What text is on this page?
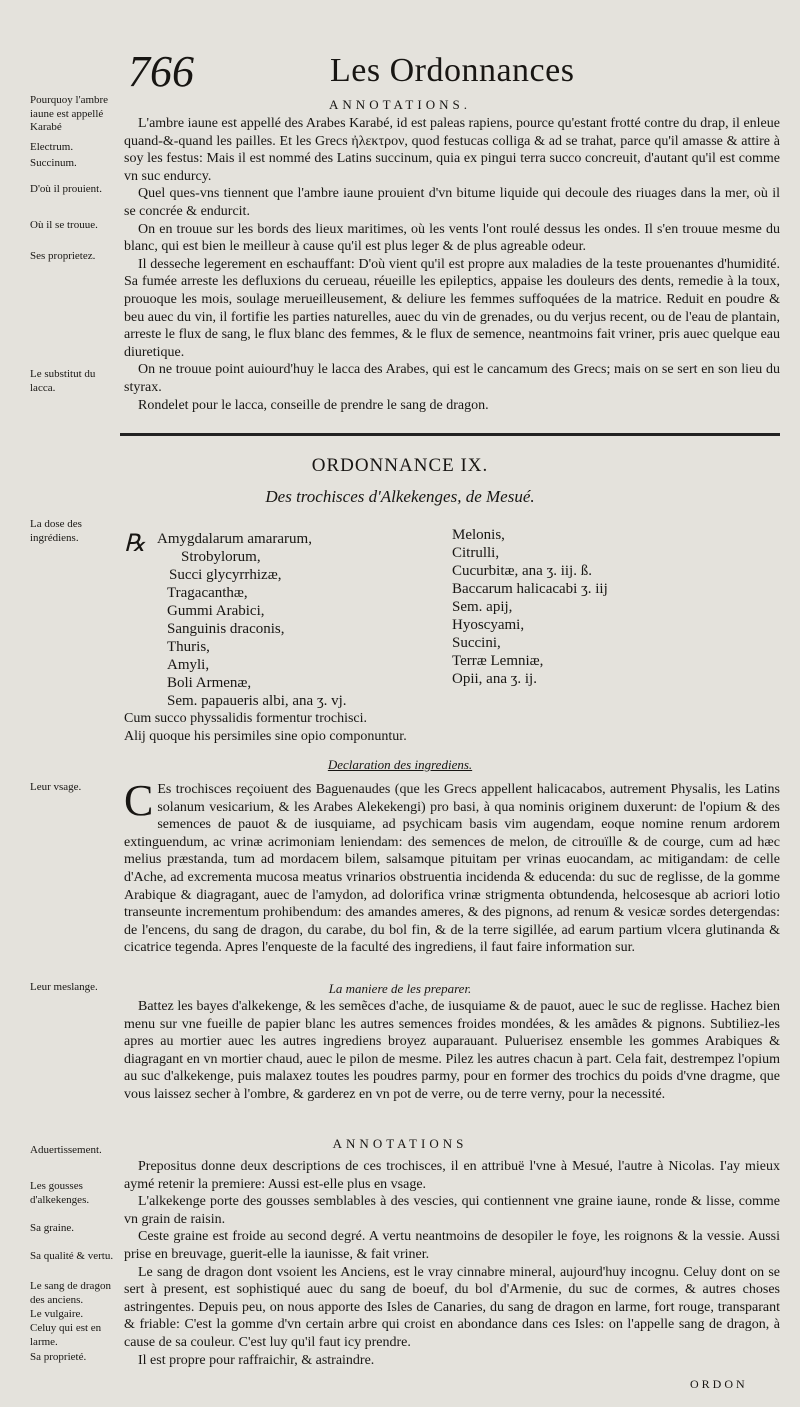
766	Les Ordonnances
ANNOTATIONS.
Pourquoy l'ambre iaune est appellé Karabé
Electrum.
Succinum.
D'où il prouient.
Où il se trouue.
Ses proprietez.
Le substitut du lacca.

L'ambre iaune est appellé des Arabes Karabé, id est paleas rapiens, pource qu'estant frotté contre du drap, il enleue quand-&-quand les pailles. Et les Grecs ἠλεκτρον, quod festucas colliga & ad se trahat, parce qu'il amasse & attire à soy les festus: Mais il est nommé des Latins succinum, quia ex pingui terra succo concreuit, d'autant qu'il est comme vn suc endurcy.

Quel ques-vns tiennent que l'ambre iaune prouient d'vn bitume liquide qui decoule des riuages dans la mer, où il se concrée & endurcit.

On en trouue sur les bords des lieux maritimes, où les vents l'ont roulé dessus les ondes. Il s'en trouue mesme du blanc, qui est bien le meilleur à cause qu'il est plus leger & de plus agreable odeur.

Il desseche legerement en eschauffant: D'où vient qu'il est propre aux maladies de la teste prouenantes d'humidité. Sa fumée arreste les defluxions du cerueau, réueille les epileptics, appaise les douleurs des dents, remedie à la toux, prouoque les mois, soulage merueilleusement, & deliure les femmes suffoquées de la matrice. Reduit en poudre & beu auec du vin, il fortifie les parties naturelles, auec du vin de grenades, ou du verjus recent, ou de l'eau de plantain, arreste le flux de sang, le flux blanc des femmes, & le flux de semence, neantmoins fait vriner, pris auec quelque eau diuretique.

On ne trouue point auiourd'huy le lacca des Arabes, qui est le cancamum des Grecs; mais on se sert en son lieu du styrax.

Rondelet pour le lacca, conseille de prendre le sang de dragon.

ORDONNANCE IX.
Des trochisces d'Alkekenges, de Mesué.
La dose des ingrédiens.	℞ Amygdalarum amararum,
Strobylorum,
Succi glycyrrhizæ,
Tragacanthæ,
Gummi Arabici,
Sanguinis draconis,
Thuris,
Amyli,
Boli Armenæ,
Sem. papaueris albi, ana ʒ. vj.
Melonis,
Citrulli,
Cucurbitæ, ana ʒ. iij. ß.
Baccarum halicacabi ʒ. iij
Sem. apij,
Hyoscyami,
Succini,
Terræ Lemniæ,
Opii, ana ʒ. ij.
Cum succo physsalidis formentur trochisci.
Alij quoque his persimiles sine opio componuntur.
Declaration des ingrediens.
Leur vsage. C Es trochisces reçoiuent des Baguenaudes (que les Grecs appellent halicacabos, autrement Physalis, les Latins solanum vesicarium, & les Arabes Alekekengi) pro basi, à qua nominis originem duxerunt: de l'opium & des semences de pauot & de iusquiame, ad psychicam basis vim augendam, eoque nomine renum ardorem extinguendum, ac vrinæ acrimoniam leniendam: des semences de melon, de citrouïlle & de courge, cum ad hæc melius præstanda, tum ad mordacem bilem, salsamque pituitam per vrinas euocandam, ac mitigandam: de celle d'Ache, ad excrementa mucosa meatus vrinarios obstruentia incidenda & educenda: du suc de reglisse, de la gomme Arabique & diagragant, auec de l'amydon, ad dolorifica vrinæ strigmenta obtundenda, helcosesque ab acriori lotio transeunte incrementum prohibendum: des amandes ameres, & des pignons, ad renum & vesicæ sordes detergendas: de l'encens, du sang de dragon, du carabe, du bol fin, & de la terre sigillée, ad earum partium vlcera glutinanda & cicatrice tegenda. Apres l'enqueste de la faculté des ingrediens, il faut faire information sur.

La maniere de les preparer.
Leur meslange.

Battez les bayes d'alkekenge, & les semẽces d'ache, de iusquiame & de pauot, auec le suc de reglisse. Hachez bien menu sur vne fueille de papier blanc les autres semences froides mondées, & les amãdes & pignons. Subtiliez-les apres au mortier auec les autres ingrediens broyez auparauant. Puluerisez ensemble les gommes Arabiques & diagragant en vn mortier chaud, auec le pilon de mesme. Pilez les autres chacun à part. Cela fait, destrempez l'opium au suc d'alkekenge, puis malaxez toutes les poudres parmy, pour en former des trochics du poids d'vne dragme, que vous laissez secher à l'ombre, & garderez en vn pot de verre, ou de terre verny, pour la necessité.

ANNOTATIONS
Aduertissement.
Les gousses d'alkekenges.
Sa graine.
Sa qualité & vertu.
Le sang de dragon des anciens.
Le vulgaire.
Celuy qui est en larme.
Sa proprieté.

Prepositus donne deux descriptions de ces trochisces, il en attribuë l'vne à Mesué, l'autre à Nicolas. I'ay mieux aymé retenir la premiere: Aussi est-elle plus en vsage.

L'alkekenge porte des gousses semblables à des vescies, qui contiennent vne graine iaune, ronde & lisse, comme vn grain de raisin.

Ceste graine est froide au second degré. A vertu neantmoins de desopiler le foye, les roignons & la vessie. Aussi prise en breuvage, guerit-elle la iaunisse, & fait vriner.

Le sang de dragon dont vsoient les Anciens, est le vray cinnabre mineral, aujourd'huy incognu. Celuy dont on se sert à present, est sophistiqué auec du sang de boeuf, du bol d'Armenie, du suc de cormes, & autres choses astringentes. Depuis peu, on nous apporte des Isles de Canaries, du sang de dragon en larme, fort rouge, transparant & friable: C'est la gomme d'vn certain arbre qui croist en abondance dans ces Isles: on l'appelle sang de dragon, à cause de sa couleur. C'est luy qu'il faut icy prendre.

Il est propre pour raffraichir, & astraindre.

ORDON
